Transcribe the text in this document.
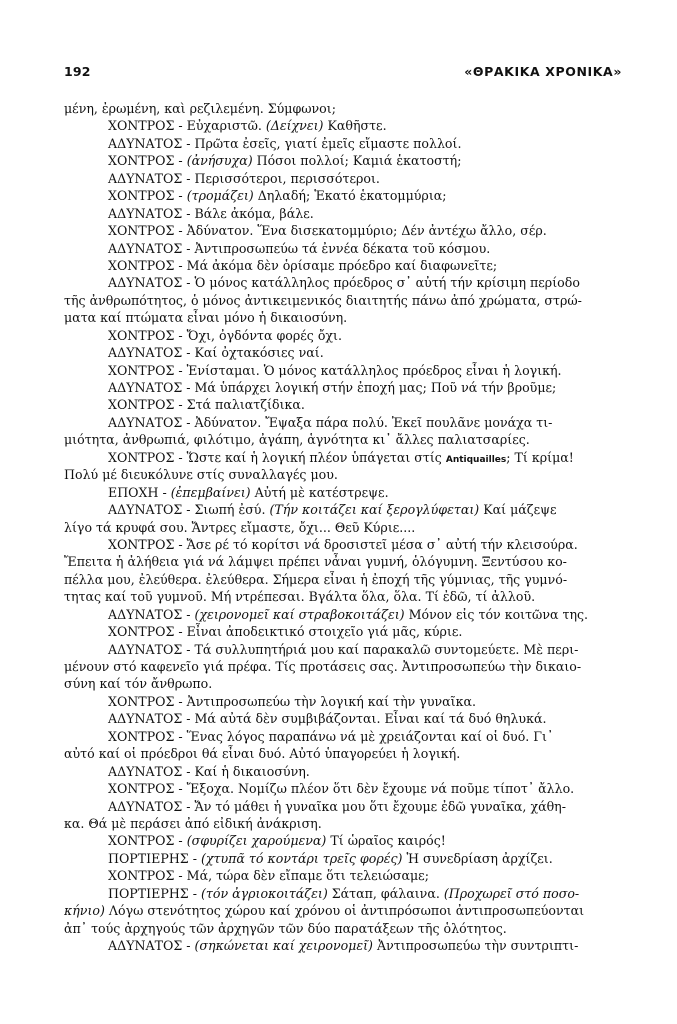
192	«ΘΡΑΚΙΚΑ ΧΡΟΝΙΚΑ»
μένη, ἐρωμένη, καὶ ρεζιλεμένη. Σύμφωνοι;
ΧΟΝΤΡΟΣ - Εὐχαριστῶ. (Δείχνει) Καθῆστε.
ΑΔΥΝΑΤΟΣ - Πρῶτα ἐσεῖς, γιατί ἐμεῖς εἴμαστε πολλοί.
ΧΟΝΤΡΟΣ - (ἀνήσυχα) Πόσοι πολλοί; Καμιά ἑκατοστή;
ΑΔΥΝΑΤΟΣ - Περισσότεροι, περισσότεροι.
ΧΟΝΤΡΟΣ - (τρομάζει) Δηλαδή; Ἑκατό ἑκατομμύρια;
ΑΔΥΝΑΤΟΣ - Βάλε ἀκόμα, βάλε.
ΧΟΝΤΡΟΣ - Ἀδύνατον. Ἕνα δισεκατομμύριο; Δέν ἀντέχω ἄλλο, σέρ.
ΑΔΥΝΑΤΟΣ - Ἀντιπροσωπεύω τά ἐννέα δέκατα τοῦ κόσμου.
ΧΟΝΤΡΟΣ - Μά ἀκόμα δὲν ὁρίσαμε πρόεδρο καί διαφωνεῖτε;
ΑΔΥΝΑΤΟΣ - Ὁ μόνος κατάλληλος πρόεδρος σ᾽ αὐτή τήν κρίσιμη περίοδο
τῆς ἀνθρωπότητος, ὁ μόνος ἀντικειμενικός διαιτητής πάνω ἀπό χρώματα, στρώ-
ματα καί πτώματα εἶναι μόνο ἡ δικαιοσύνη.
ΧΟΝΤΡΟΣ - Ὄχι, ὀγδόντα φορές ὄχι.
ΑΔΥΝΑΤΟΣ - Καί ὀχτακόσιες ναί.
ΧΟΝΤΡΟΣ - Ἐνίσταμαι. Ὁ μόνος κατάλληλος πρόεδρος εἶναι ἡ λογική.
ΑΔΥΝΑΤΟΣ - Μά ὑπάρχει λογική στήν ἐποχή μας; Ποῦ νά τήν βροῦμε;
ΧΟΝΤΡΟΣ - Στά παλιατζίδικα.
ΑΔΥΝΑΤΟΣ - Ἀδύνατον. Ἔψαξα πάρα πολύ. Ἐκεῖ πουλᾶνε μονάχα τι-
μιότητα, ἀνθρωπιά, φιλότιμο, ἀγάπη, ἁγνότητα κι᾽ ἄλλες παλιατσαρίες.
ΧΟΝΤΡΟΣ - Ὥστε καί ἡ λογική πλέον ὑπάγεται στίς Antiquailles; Τί κρίμα!
Πολύ μέ διευκόλυνε στίς συναλλαγές μου.
ΕΠΟΧΗ - (ἐπεμβαίνει) Αὐτή μὲ κατέστρεψε.
ΑΔΥΝΑΤΟΣ - Σιωπή ἐσύ. (Τήν κοιτάζει καί ξερογλύφεται) Καί μάζεψε
λίγο τά κρυφά σου. Ἄντρες εἴμαστε, ὄχι... Θεῦ Κύριε....
ΧΟΝΤΡΟΣ - Ἄσε ρέ τό κορίτσι νά δροσιστεῖ μέσα σ᾽ αὐτή τήν κλεισούρα.
Ἔπειτα ἡ ἀλήθεια γιά νά λάμψει πρέπει νἆναι γυμνή, ὁλόγυμνη. Ξεντύσου κο-
πέλλα μου, ἐλεύθερα. ἐλεύθερα. Σήμερα εἶναι ἡ ἐποχή τῆς γύμνιας, τῆς γυμνό-
τητας καί τοῦ γυμνοῦ. Μή ντρέπεσαι. Βγάλτα ὅλα, ὅλα. Τί ἐδῶ, τί ἀλλοῦ.
ΑΔΥΝΑΤΟΣ - (χειρονομεῖ καί στραβοκοιτάζει) Μόνον εἰς τόν κοιτῶνα της.
ΧΟΝΤΡΟΣ - Εἶναι ἀποδεικτικό στοιχεῖο γιά μᾶς, κύριε.
ΑΔΥΝΑΤΟΣ - Τά συλλυπητήριά μου καί παρακαλῶ συντομεύετε. Μὲ περι-
μένουν στό καφενεῖο γιά πρέφα. Τίς προτάσεις σας. Ἀντιπροσωπεύω τὴν δικαιο-
σύνη καί τόν ἄνθρωπο.
ΧΟΝΤΡΟΣ - Ἀντιπροσωπεύω τὴν λογική καί τὴν γυναῖκα.
ΑΔΥΝΑΤΟΣ - Μά αὐτά δὲν συμβιβάζονται. Εἶναι καί τά δυό θηλυκά.
ΧΟΝΤΡΟΣ - Ἕνας λόγος παραπάνω νά μὲ χρειάζονται καί οἱ δυό. Γι᾽
αὐτό καί οἱ πρόεδροι θά εἶναι δυό. Αὐτό ὑπαγορεύει ἡ λογική.
ΑΔΥΝΑΤΟΣ - Καί ἡ δικαιοσύνη.
ΧΟΝΤΡΟΣ - Ἔξοχα. Νομίζω πλέον ὅτι δὲν ἔχουμε νά ποῦμε τίποτ᾽ ἄλλο.
ΑΔΥΝΑΤΟΣ - Ἄν τό μάθει ἡ γυναῖκα μου ὅτι ἔχουμε ἐδῶ γυναῖκα, χάθη-
κα. Θά μὲ περάσει ἀπό εἰδική ἀνάκριση.
ΧΟΝΤΡΟΣ - (σφυρίζει χαρούμενα) Τί ὡραῖος καιρός!
ΠΟΡΤΙΕΡΗΣ - (χτυπᾶ τό κοντάρι τρεῖς φορές) Ἡ συνεδρίαση ἀρχίζει.
ΧΟΝΤΡΟΣ - Μά, τώρα δὲν εἴπαμε ὅτι τελειώσαμε;
ΠΟΡΤΙΕΡΗΣ - (τόν ἀγριοκοιτάζει) Σάταπ, φάλαινα. (Προχωρεῖ στό ποσο-
κήνιο) Λόγω στενότητος χώρου καί χρόνου οἱ ἀντιπρόσωποι ἀντιπροσωπεύονται
ἀπ᾽ τούς ἀρχηγούς τῶν ἀρχηγῶν τῶν δύο παρατάξεων τῆς ὁλότητος.
ΑΔΥΝΑΤΟΣ - (σηκώνεται καί χειρονομεῖ) Ἀντιπροσωπεύω τὴν συντριπτι-
